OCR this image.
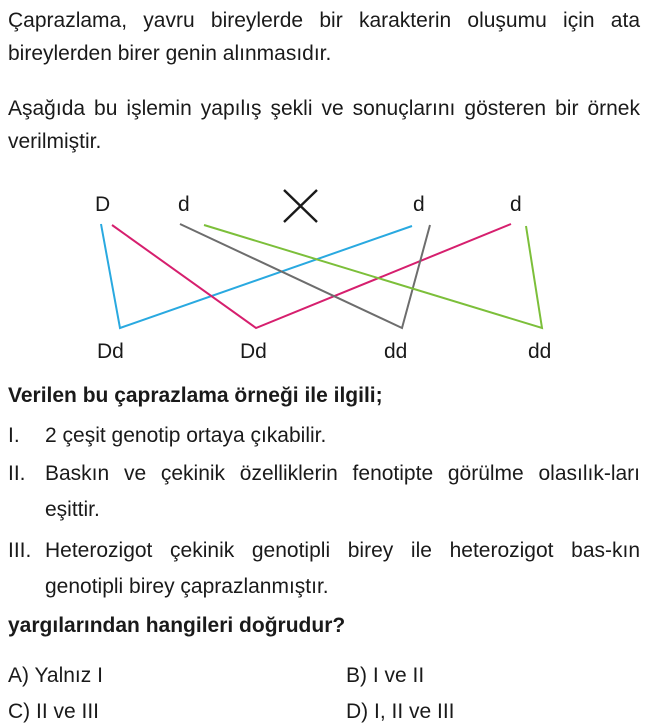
Çaprazlama, yavru bireylerde bir karakterin oluşumu için ata bireylerden birer genin alınmasıdır.
Aşağıda bu işlemin yapılış şekli ve sonuçlarını gösteren bir örnek verilmiştir.
D	d	d	d
Dd	Dd	dd	dd
Verilen bu çaprazlama örneği ile ilgili;
I. 2 çeşit genotip ortaya çıkabilir.
II. Baskın ve çekinik özelliklerin fenotipte görülme olasılık-ları eşittir.
III. Heterozigot çekinik genotipli birey ile heterozigot bas-kın genotipli birey çaprazlanmıştır.
yargılarından hangileri doğrudur?
A) Yalnız I	B) I ve II
C) II ve III	D) I, II ve III
